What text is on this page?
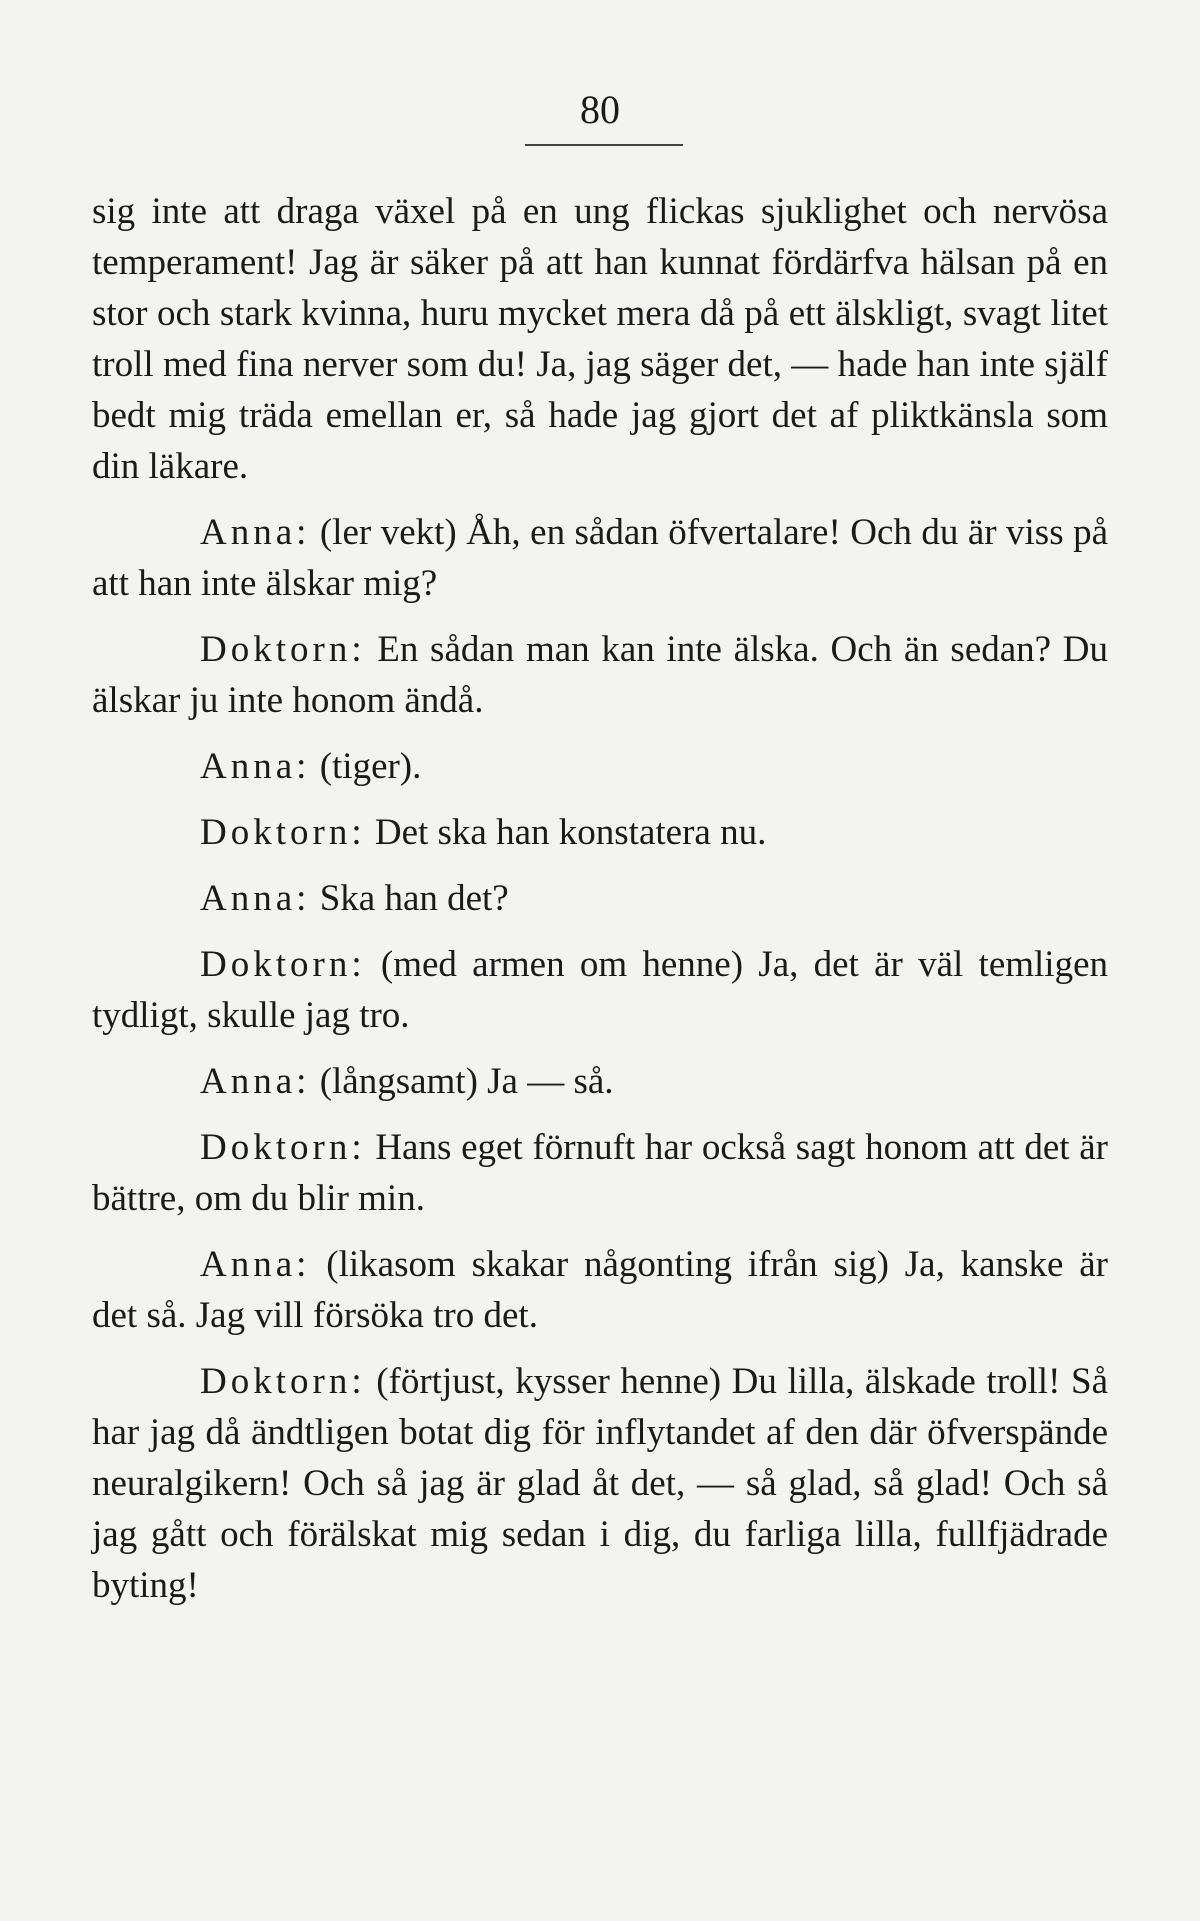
80

sig inte att draga växel på en ung flickas sjuklighet och nervösa temperament! Jag är säker på att han kunnat fördärfva hälsan på en stor och stark kvinna, huru mycket mera då på ett älskligt, svagt litet troll med fina nerver som du! Ja, jag säger det, — hade han inte själf bedt mig träda emellan er, så hade jag gjort det af pliktkänsla som din läkare.

Anna: (ler vekt) Åh, en sådan öfvertalare! Och du är viss på att han inte älskar mig?

Doktorn: En sådan man kan inte älska. Och än sedan? Du älskar ju inte honom ändå.

Anna: (tiger).

Doktorn: Det ska han konstatera nu.

Anna: Ska han det?

Doktorn: (med armen om henne) Ja, det är väl temligen tydligt, skulle jag tro.

Anna: (långsamt) Ja — så.

Doktorn: Hans eget förnuft har också sagt honom att det är bättre, om du blir min.

Anna: (likasom skakar någonting ifrån sig) Ja, kanske är det så. Jag vill försöka tro det.

Doktorn: (förtjust, kysser henne) Du lilla, älskade troll! Så har jag då ändtligen botat dig för inflytandet af den där öfverspände neuralgikern! Och så jag är glad åt det, — så glad, så glad! Och så jag gått och förälskat mig sedan i dig, du farliga lilla, fullfjädrade byting!
